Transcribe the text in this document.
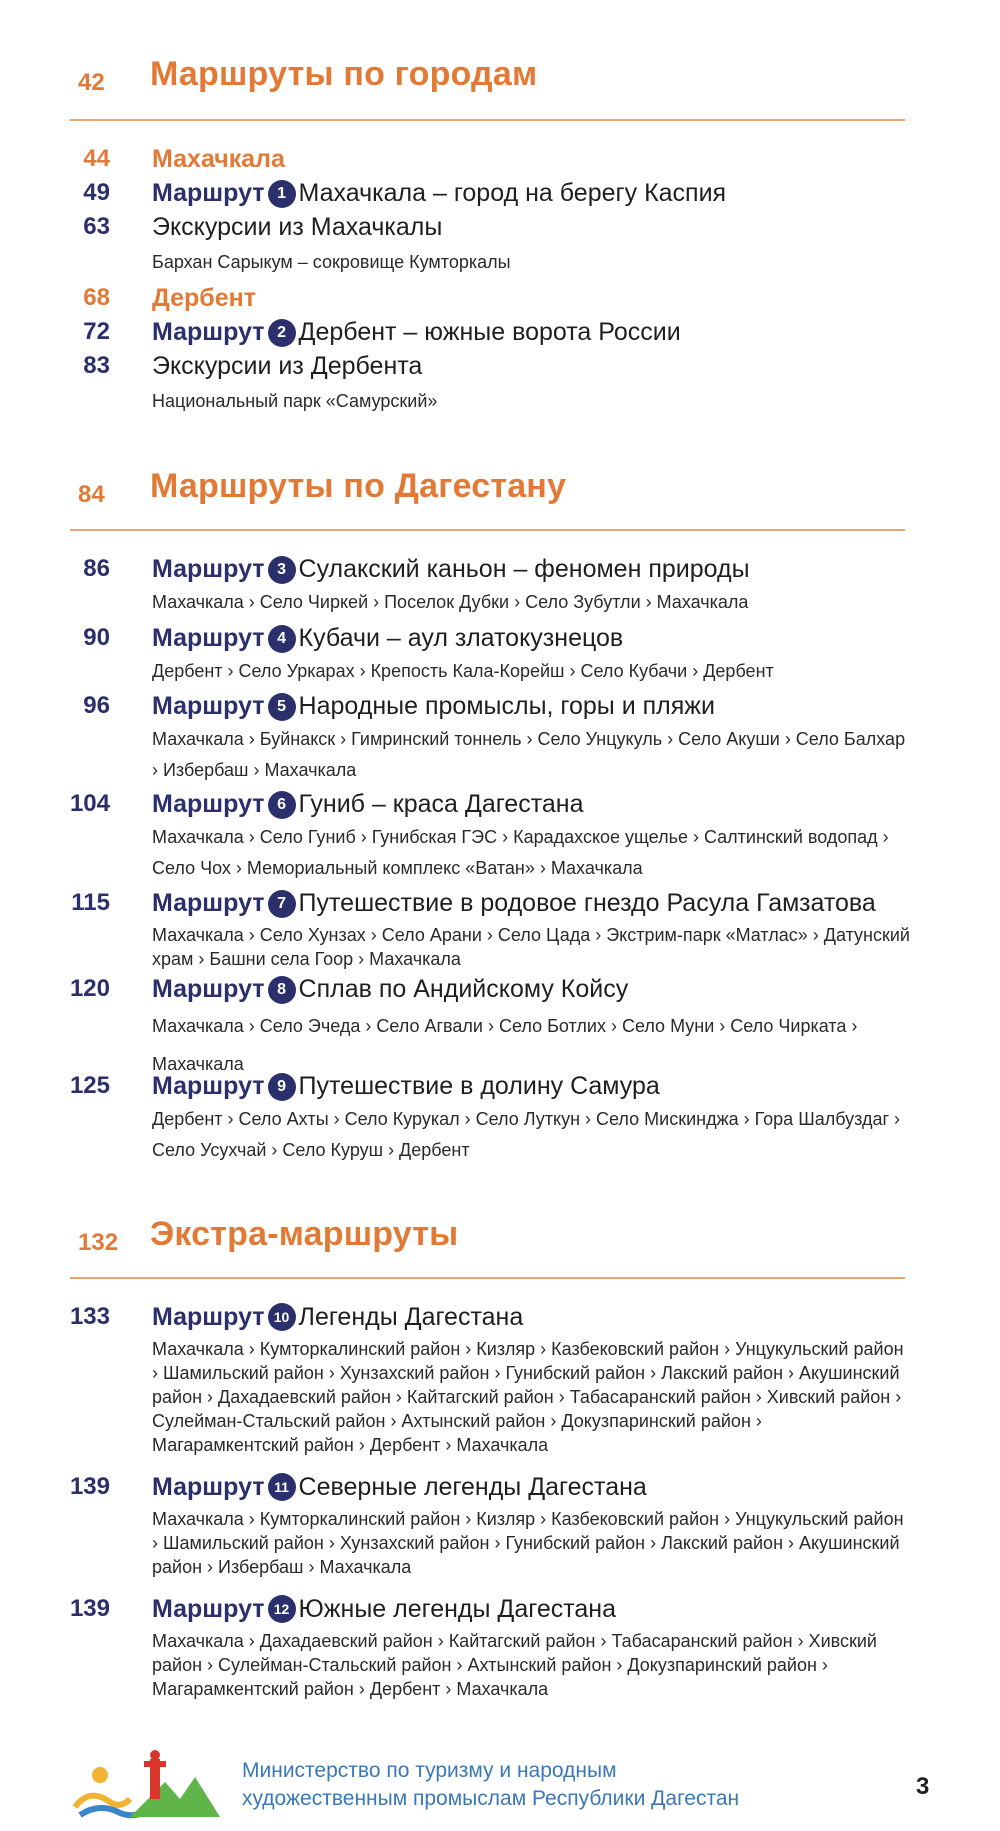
42 Маршруты по городам
44 Махачкала
49 Маршрут 1 Махачкала – город на берегу Каспия
63 Экскурсии из Махачкалы
Бархан Сарыкум – сокровище Кумторкалы
68 Дербент
72 Маршрут 2 Дербент – южные ворота России
83 Экскурсии из Дербента
Национальный парк «Самурский»
84 Маршруты по Дагестану
86 Маршрут 3 Сулакский каньон – феномен природы
Махачкала › Село Чиркей › Поселок Дубки › Село Зубутли › Махачкала
90 Маршрут 4 Кубачи – аул златокузнецов
Дербент › Село Уркарах › Крепость Кала-Корейш › Село Кубачи › Дербент
96 Маршрут 5 Народные промыслы, горы и пляжи
Махачкала › Буйнакск › Гимринский тоннель › Село Унцукуль › Село Акуши › Село Балхар › Избербаш › Махачкала
104 Маршрут 6 Гуниб – краса Дагестана
Махачкала › Село Гуниб › Гунибская ГЭС › Карадахское ущелье › Салтинский водопад › Село Чох › Мемориальный комплекс «Ватан» › Махачкала
115 Маршрут 7 Путешествие в родовое гнездо Расула Гамзатова
Махачкала › Село Хунзах › Село Арани › Село Цада › Экстрим-парк «Матлас» › Датунский храм › Башни села Гоор › Махачкала
120 Маршрут 8 Сплав по Андийскому Койсу
Махачкала › Село Эчеда › Село Агвали › Село Ботлих › Село Муни › Село Чирката › Махачкала
125 Маршрут 9 Путешествие в долину Самура
Дербент › Село Ахты › Село Курукал › Село Луткун › Село Мискинджа › Гора Шалбуздаг › Село Усухчай › Село Куруш › Дербент
132 Экстра-маршруты
133 Маршрут 10 Легенды Дагестана
Махачкала › Кумторкалинский район › Кизляр › Казбековский район › Унцукульский район › Шамильский район › Хунзахский район › Гунибский район › Лакский район › Акушинский район › Дахадаевский район › Кайтагский район › Табасаранский район › Хивский район › Сулейман-Стальский район › Ахтынский район › Докузпаринский район › Магарамкентский район › Дербент › Махачкала
139 Маршрут 11 Северные легенды Дагестана
Махачкала › Кумторкалинский район › Кизляр › Казбековский район › Унцукульский район › Шамильский район › Хунзахский район › Гунибский район › Лакский район › Акушинский район › Избербаш › Махачкала
139 Маршрут 12 Южные легенды Дагестана
Махачкала › Дахадаевский район › Кайтагский район › Табасаранский район › Хивский район › Сулейман-Стальский район › Ахтынский район › Докузпаринский район › Магарамкентский район › Дербент › Махачкала
Министерство по туризму и народным
художественным промыслам Республики Дагестан	3
